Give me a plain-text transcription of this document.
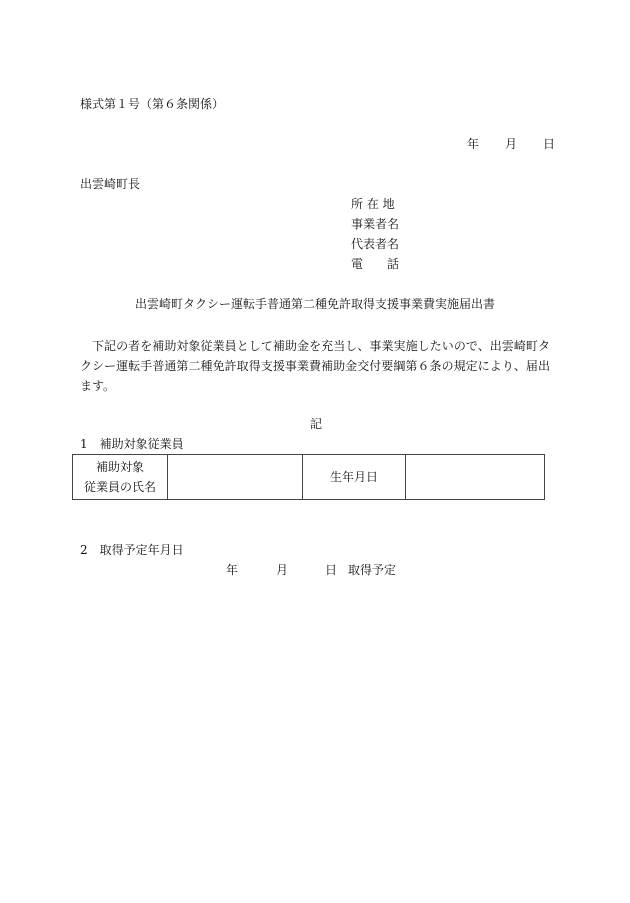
様式第１号（第６条関係）
年 月 日
出雲崎町長
所 在 地
事業者名
代表者名
電　　話
出雲崎町タクシー運転手普通第二種免許取得支援事業費実施届出書
下記の者を補助対象従業員として補助金を充当し、事業実施したいので、出雲崎町タクシー運転手普通第二種免許取得支援事業費補助金交付要綱第６条の規定により、届出ます。
記
1　補助対象従業員
補助対象
従業員の氏名		生年月日	
2　取得予定年月日
年	月	日 取得予定
